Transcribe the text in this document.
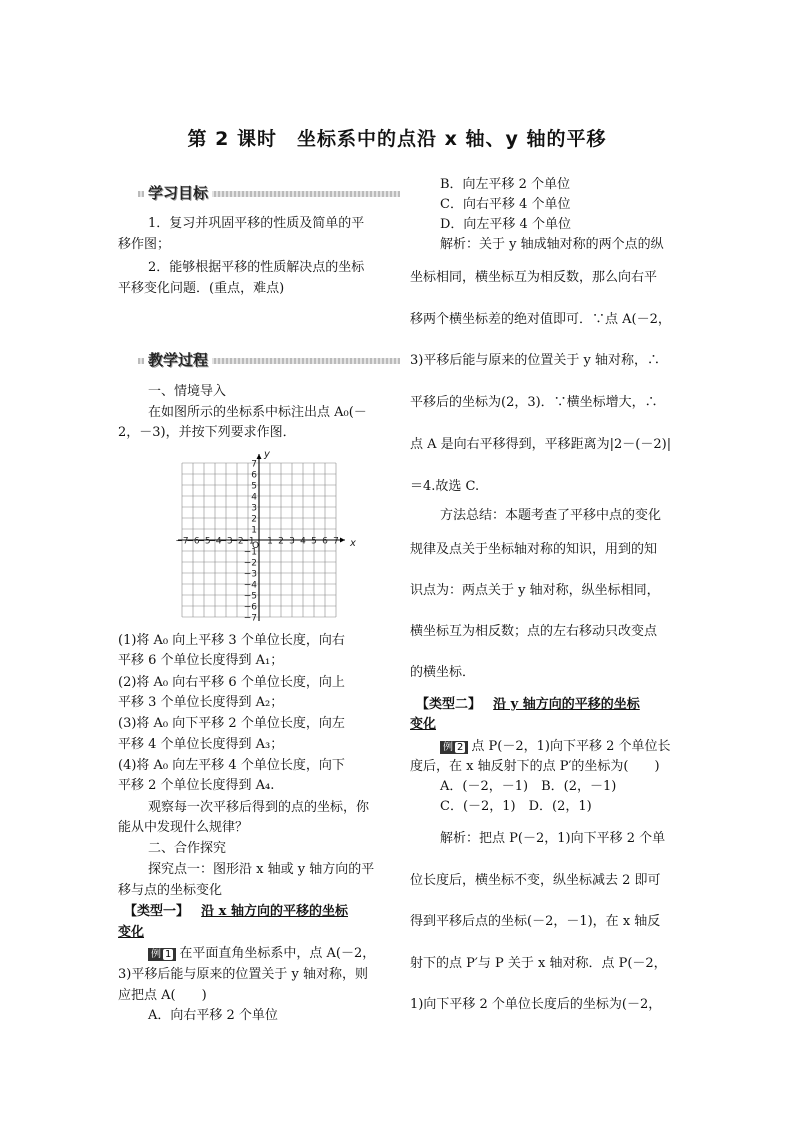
第 2 课时　坐标系中的点沿 x 轴、y 轴的平移
学习目标
1．复习并巩固平移的性质及简单的平
移作图；
2．能够根据平移的性质解决点的坐标
平移变化问题．(重点，难点)
教学过程
一、情境导入
在如图所示的坐标系中标注出点 A₀(－
2，－3)，并按下列要求作图．
−7
−6
−5
−4
−3
−2
−1 1 2 3 4 5 6 7
7
6
5
4
3
2
1
−1
−2
−3
−4
−5
−6
−7
x
y
O
(1)将 A₀ 向上平移 3 个单位长度，向右
平移 6 个单位长度得到 A₁；
(2)将 A₀ 向右平移 6 个单位长度，向上
平移 3 个单位长度得到 A₂；
(3)将 A₀ 向下平移 2 个单位长度，向左
平移 4 个单位长度得到 A₃；
(4)将 A₀ 向左平移 4 个单位长度，向下
平移 2 个单位长度得到 A₄.
观察每一次平移后得到的点的坐标，你
能从中发现什么规律？
二、合作探究
探究点一：图形沿 x 轴或 y 轴方向的平
移与点的坐标变化
【类型一】 沿 x 轴方向的平移的坐标
变化
例 1 在平面直角坐标系中，点 A(－2，
3)平移后能与原来的位置关于 y 轴对称，则
应把点 A(　　)
A．向右平移 2 个单位
B．向左平移 2 个单位
C．向右平移 4 个单位
D．向左平移 4 个单位
解析：关于 y 轴成轴对称的两个点的纵
坐标相同，横坐标互为相反数，那么向右平
移两个横坐标差的绝对值即可．∵点 A(－2，
3)平移后能与原来的位置关于 y 轴对称，∴
平移后的坐标为(2，3)．∵横坐标增大，∴
点 A 是向右平移得到，平移距离为|2－(－2)|
＝4.故选 C.
方法总结：本题考查了平移中点的变化
规律及点关于坐标轴对称的知识，用到的知
识点为：两点关于 y 轴对称，纵坐标相同，
横坐标互为相反数；点的左右移动只改变点
的横坐标．
【类型二】 沿 y 轴方向的平移的坐标
变化
例 2 点 P(－2，1)向下平移 2 个单位长
度后，在 x 轴反射下的点 P′的坐标为(　　)
A．(－2，－1)　B．(2，－1)
C．(－2，1)　D．(2，1)
解析：把点 P(－2，1)向下平移 2 个单
位长度后，横坐标不变，纵坐标减去 2 即可
得到平移后点的坐标(－2，－1)，在 x 轴反
射下的点 P′与 P 关于 x 轴对称．点 P(－2，
1)向下平移 2 个单位长度后的坐标为(－2，
